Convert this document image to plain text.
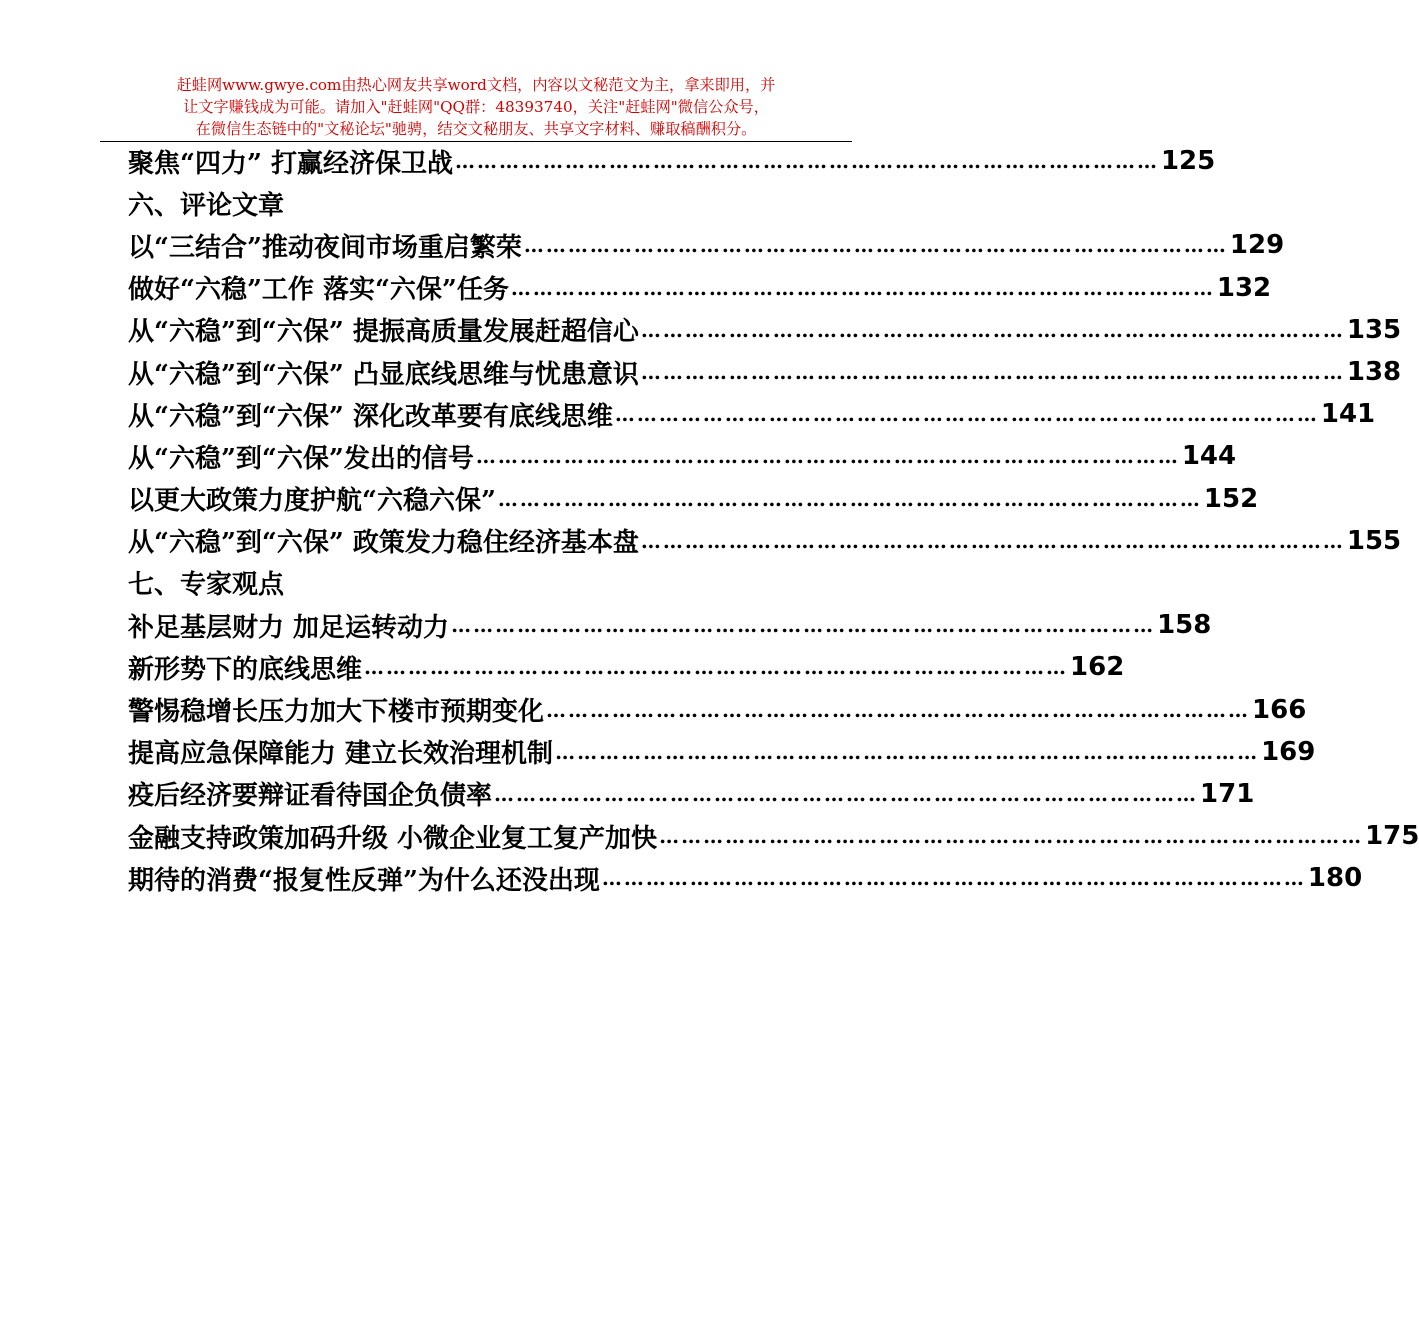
赶蛙网www.gwye.com由热心网友共享word文档，内容以文秘范文为主，拿来即用，并
让文字赚钱成为可能。请加入"赶蛙网"QQ群：48393740，关注"赶蛙网"微信公众号，
在微信生态链中的"文秘论坛"驰骋，结交文秘朋友、共享文字材料、赚取稿酬积分。
聚焦“四力” 打赢经济保卫战 …………………………………………………………………………………… 125
六、评论文章
以“三结合”推动夜间市场重启繁荣 …………………………………………………………………………………… 129
做好“六稳”工作 落实“六保”任务 …………………………………………………………………………………… 132
从“六稳”到“六保” 提振高质量发展赶超信心 …………………………………………………………………………………… 135
从“六稳”到“六保” 凸显底线思维与忧患意识 …………………………………………………………………………………… 138
从“六稳”到“六保” 深化改革要有底线思维 …………………………………………………………………………………… 141
从“六稳”到“六保”发出的信号 …………………………………………………………………………………… 144
以更大政策力度护航“六稳六保” …………………………………………………………………………………… 152
从“六稳”到“六保” 政策发力稳住经济基本盘 …………………………………………………………………………………… 155
七、专家观点
补足基层财力 加足运转动力 …………………………………………………………………………………… 158
新形势下的底线思维 …………………………………………………………………………………… 162
警惕稳增长压力加大下楼市预期变化 …………………………………………………………………………………… 166
提高应急保障能力 建立长效治理机制 …………………………………………………………………………………… 169
疫后经济要辩证看待国企负债率 …………………………………………………………………………………… 171
金融支持政策加码升级 小微企业复工复产加快 …………………………………………………………………………………… 175
期待的消费“报复性反弹”为什么还没出现 …………………………………………………………………………………… 180
